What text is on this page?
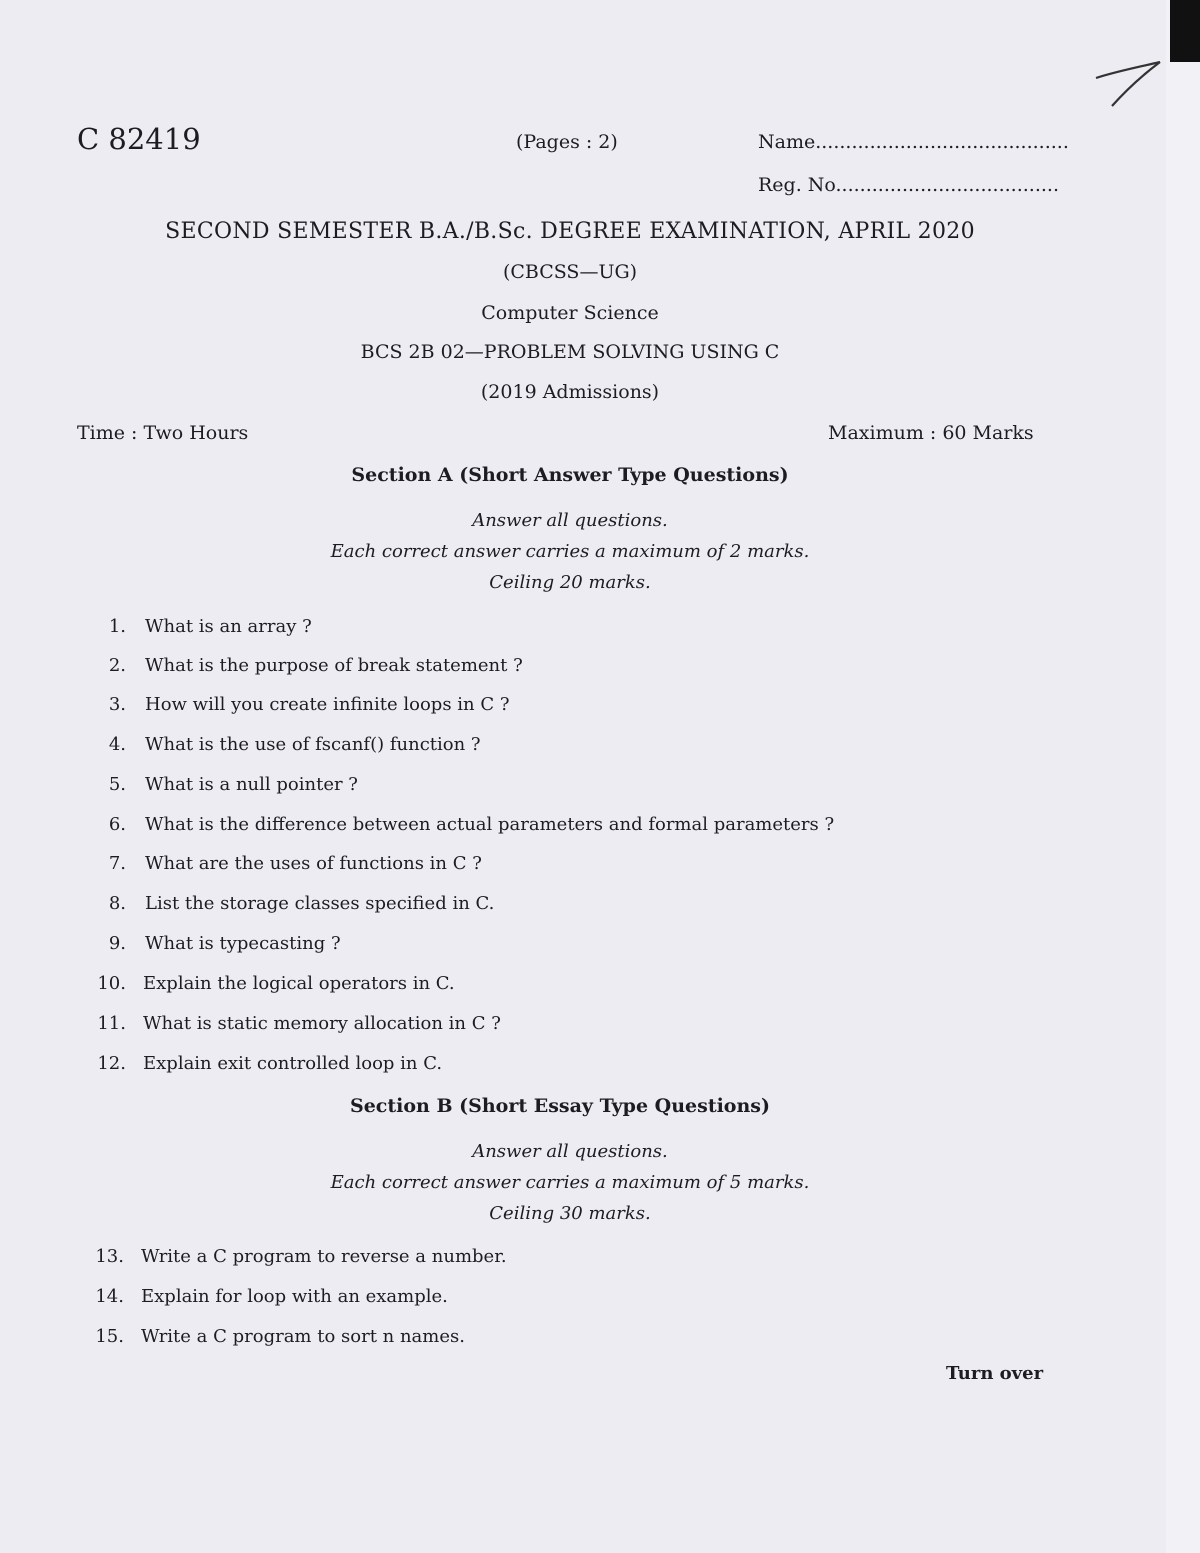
C 82419	(Pages : 2)	Name..........................................
Reg. No.....................................
SECOND SEMESTER B.A./B.Sc. DEGREE EXAMINATION, APRIL 2020
(CBCSS—UG)
Computer Science
BCS 2B 02—PROBLEM SOLVING USING C
(2019 Admissions)
Time : Two Hours	Maximum : 60 Marks
Section A (Short Answer Type Questions)
Answer all questions.
Each correct answer carries a maximum of 2 marks.
Ceiling 20 marks.
1. What is an array ?
2. What is the purpose of break statement ?
3. How will you create infinite loops in C ?
4. What is the use of fscanf() function ?
5. What is a null pointer ?
6. What is the difference between actual parameters and formal parameters ?
7. What are the uses of functions in C ?
8. List the storage classes specified in C.
9. What is typecasting ?
10. Explain the logical operators in C.
11. What is static memory allocation in C ?
12. Explain exit controlled loop in C.
Section B (Short Essay Type Questions)
Answer all questions.
Each correct answer carries a maximum of 5 marks.
Ceiling 30 marks.
13. Write a C program to reverse a number.
14. Explain for loop with an example.
15. Write a C program to sort n names.
Turn over
